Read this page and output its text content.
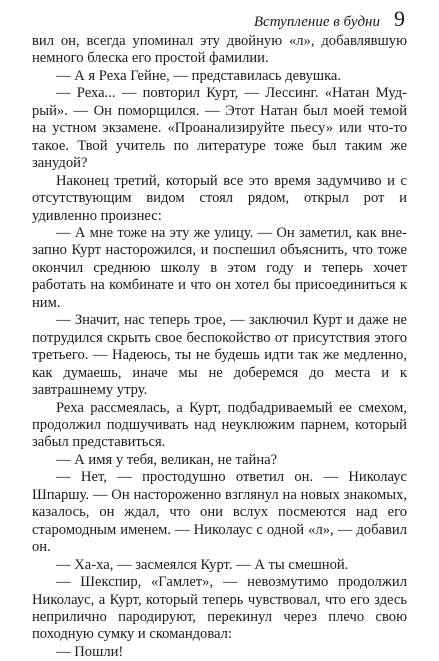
Вступление в будни 9

вил он, всегда упоминал эту двойную «л», добавлявшую немного блеска его простой фамилии.

— А я Реха Гейне, — представилась девушка.

— Реха... — повторил Курт, — Лессинг. «Натан Мудрый». — Он поморщился. — Этот Натан был моей темой на устном экзамене. «Проанализируйте пьесу» или что-то такое. Твой учитель по литературе тоже был таким же занудой?

Наконец третий, который все это время задумчиво и с отсутствующим видом стоял рядом, открыл рот и удивленно произнес:

— А мне тоже на эту же улицу. — Он заметил, как внезапно Курт насторожился, и поспешил объяснить, что тоже окончил среднюю школу в этом году и теперь хочет работать на комбинате и что он хотел бы присоединиться к ним.

— Значит, нас теперь трое, — заключил Курт и даже не потрудился скрыть свое беспокойство от присутствия этого третьего. — Надеюсь, ты не будешь идти так же медленно, как думаешь, иначе мы не доберемся до места и к завтрашнему утру.

Реха рассмеялась, а Курт, подбадриваемый ее смехом, продолжил подшучивать над неуклюжим парнем, который забыл представиться.

— А имя у тебя, великан, не тайна?

— Нет, — простодушно ответил он. — Николаус Шпаршу. — Он настороженно взглянул на новых знакомых, казалось, он ждал, что они вслух посмеются над его старомодным именем. — Николаус с одной «л», — добавил он.

— Ха-ха, — засмеялся Курт. — А ты смешной.

— Шекспир, «Гамлет», — невозмутимо продолжил Николаус, а Курт, который теперь чувствовал, что его здесь неприлично пародируют, перекинул через плечо свою походную сумку и скомандовал:

— Пошли!
